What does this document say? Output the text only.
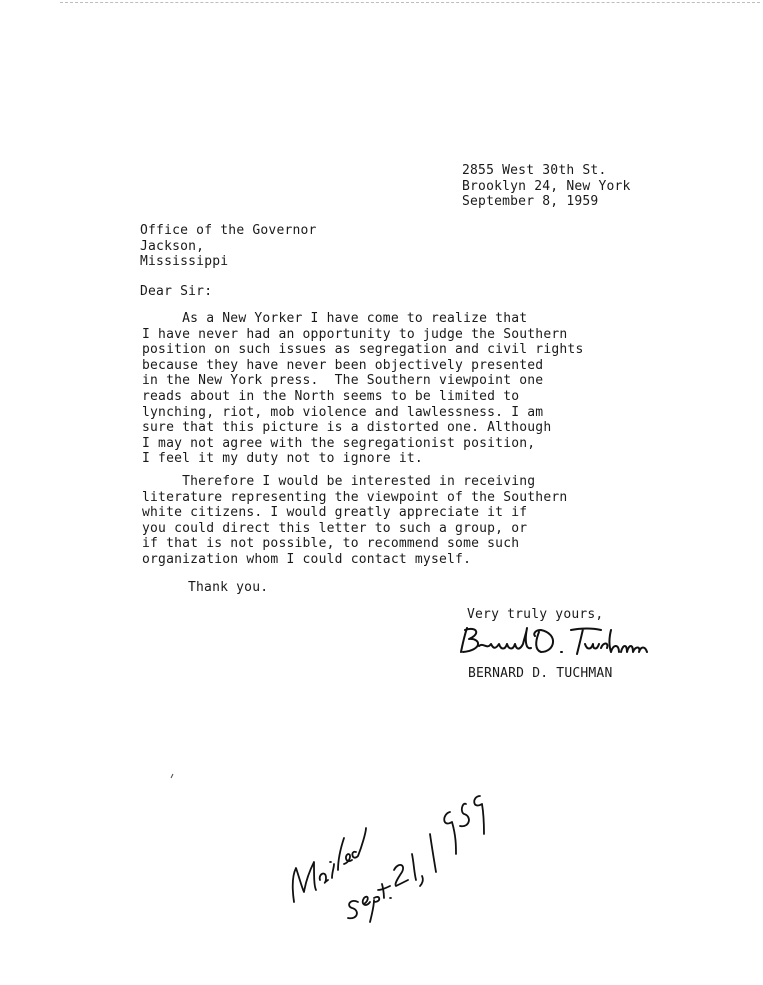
2855 West 30th St.
Brooklyn 24, New York
September 8, 1959
Office of the Governor
Jackson,
Mississippi
Dear Sir:
As a New Yorker I have come to realize that
I have never had an opportunity to judge the Southern
position on such issues as segregation and civil rights
because they have never been objectively presented
in the New York press.  The Southern viewpoint one
reads about in the North seems to be limited to
lynching, riot, mob violence and lawlessness. I am
sure that this picture is a distorted one. Although
I may not agree with the segregationist position,
I feel it my duty not to ignore it.
Therefore I would be interested in receiving
literature representing the viewpoint of the Southern
white citizens. I would greatly appreciate it if
you could direct this letter to such a group, or
if that is not possible, to recommend some such
organization whom I could contact myself.
Thank you.
Very truly yours,
BERNARD D. TUCHMAN
